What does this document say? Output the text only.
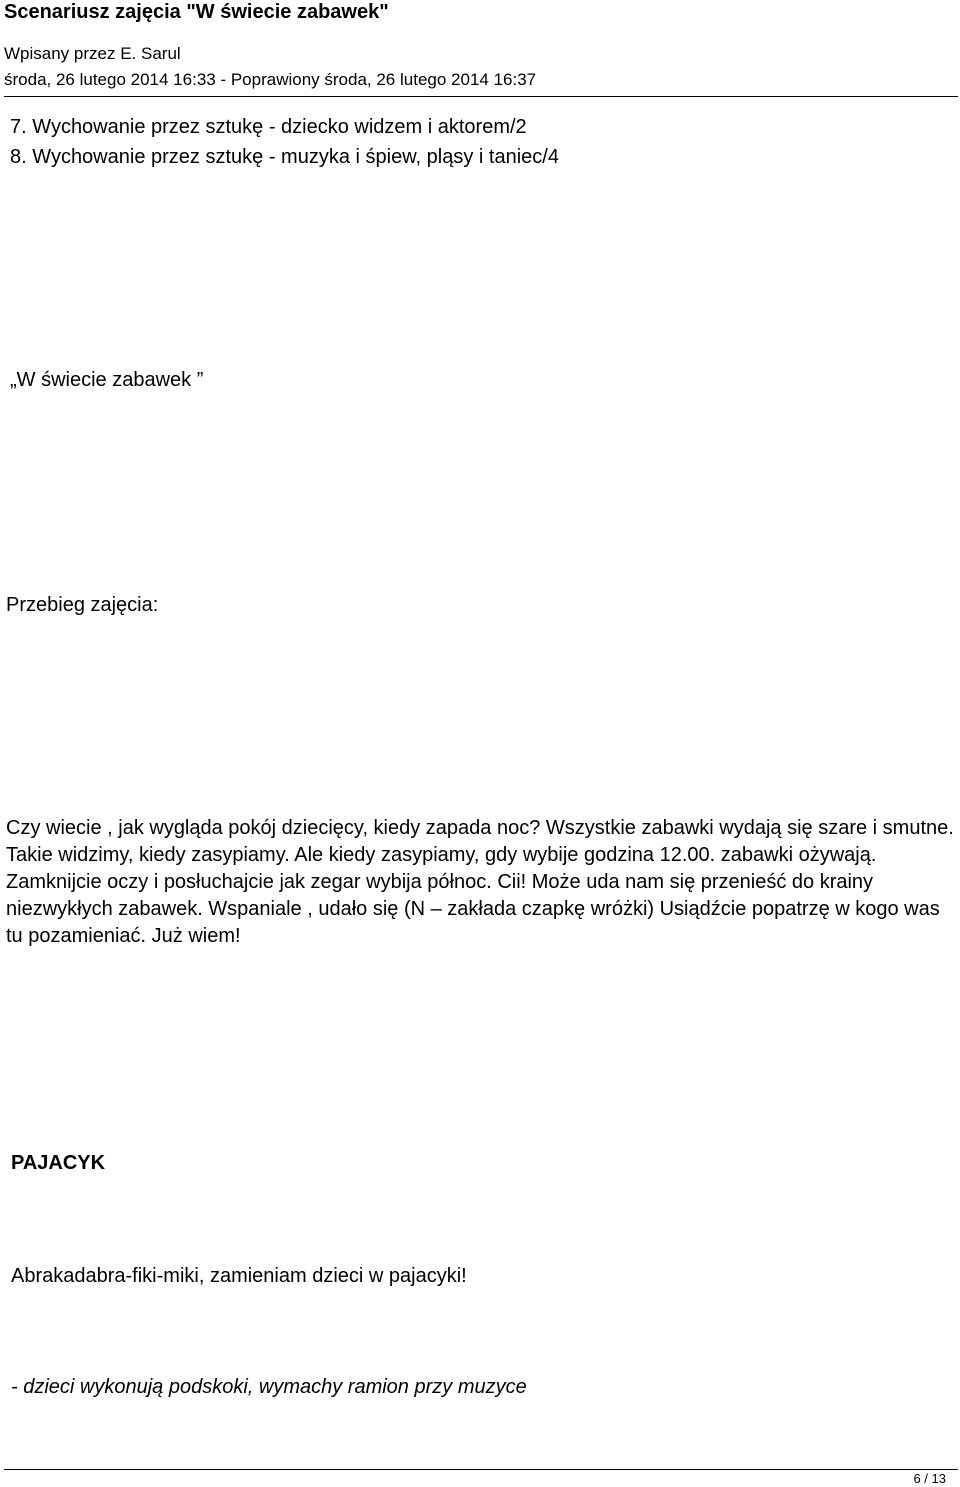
Scenariusz zajęcia "W świecie zabawek"
Wpisany przez E. Sarul
środa, 26 lutego 2014 16:33 - Poprawiony środa, 26 lutego 2014 16:37
7. Wychowanie przez sztukę - dziecko widzem i aktorem/2
8. Wychowanie przez sztukę - muzyka i śpiew, pląsy i taniec/4
„W świecie zabawek ”
Przebieg zajęcia:
Czy wiecie , jak wygląda pokój dziecięcy, kiedy zapada noc? Wszystkie zabawki wydają się szare i smutne. Takie widzimy, kiedy zasypiamy. Ale kiedy zasypiamy, gdy wybije godzina 12.00. zabawki ożywają. Zamknijcie oczy i posłuchajcie jak zegar wybija północ. Cii! Może uda nam się przenieść do krainy niezwykłych zabawek. Wspaniale , udało się (N – zakłada czapkę wróżki) Usiądźcie popatrzę w kogo was tu pozamieniać. Już wiem!
PAJACYK
Abrakadabra-fiki-miki, zamieniam dzieci w pajacyki!
- dzieci wykonują podskoki, wymachy ramion przy muzyce
6 / 13
